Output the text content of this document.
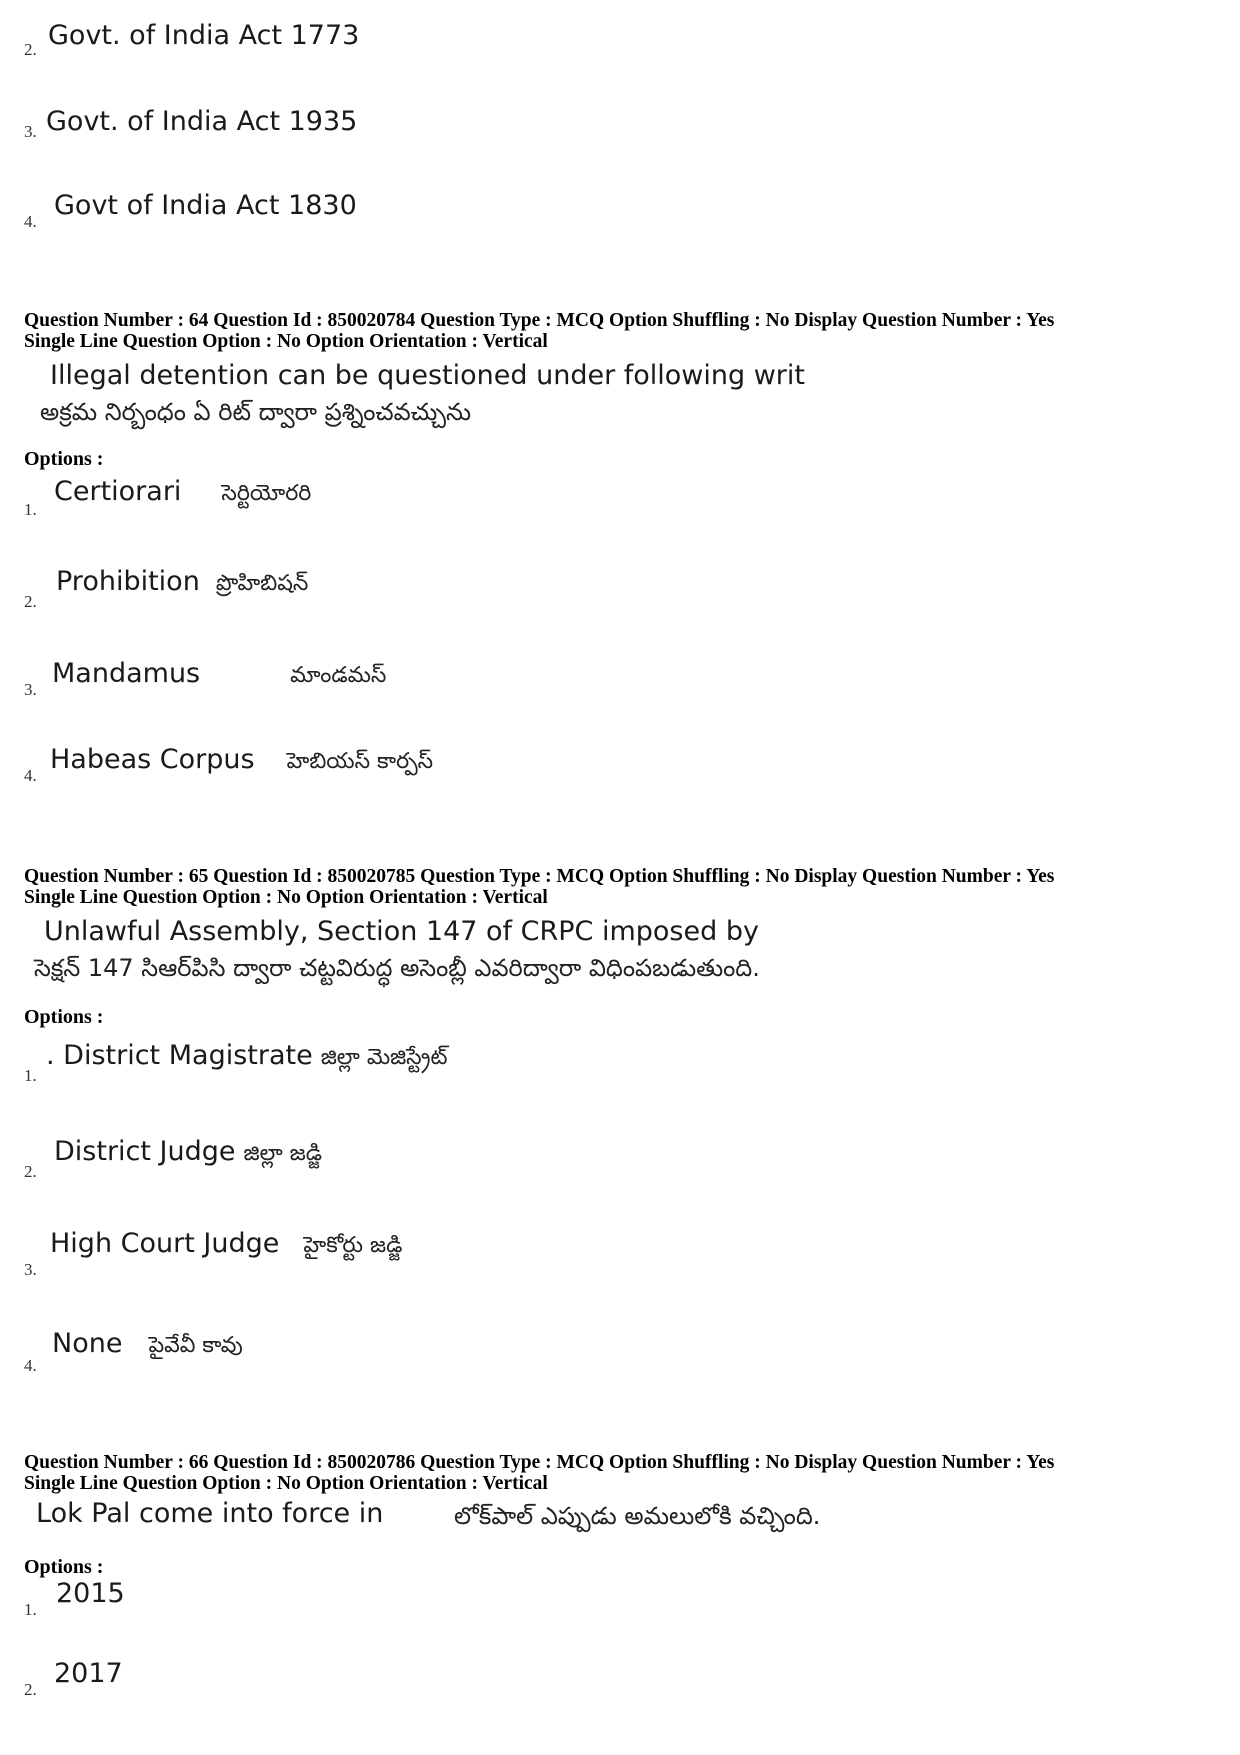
2. Govt. of India Act 1773
3. Govt. of India Act 1935
4.
Govt of India Act 1830
Question Number : 64 Question Id : 850020784 Question Type : MCQ Option Shuffling : No Display Question Number : Yes
Single Line Question Option : No Option Orientation : Vertical
Illegal detention can be questioned under following writ
అక్రమ నిర్బంధం ఏ రిట్ ద్వారా ప్రశ్నించవచ్చును
Options :
1.
Certiorari సెర్టియోరరి
2.
Prohibition ప్రొహిబిషన్
3.
Mandamus	మాండమస్
4.
Habeas Corpus హెబియస్ కార్పస్
Question Number : 65 Question Id : 850020785 Question Type : MCQ Option Shuffling : No Display Question Number : Yes
Single Line Question Option : No Option Orientation : Vertical
Unlawful Assembly, Section 147 of CRPC imposed by
సెక్షన్ 147 సిఆర్‌పిసి ద్వారా చట్టవిరుద్ధ అసెంబ్లీ ఎవరిద్వారా విధింపబడుతుంది.
Options :
1.
. District Magistrate జిల్లా మెజిస్ట్రేట్
2.
District Judge జిల్లా జడ్జి
3.
High Court Judge హైకోర్టు జడ్జి
4.
None పైవేవీ కావు
Question Number : 66 Question Id : 850020786 Question Type : MCQ Option Shuffling : No Display Question Number : Yes
Single Line Question Option : No Option Orientation : Vertical
Lok Pal come into force in	లోక్‌పాల్ ఎప్పుడు అమలులోకి వచ్చింది.
Options :
1.
2015
2.
2017
